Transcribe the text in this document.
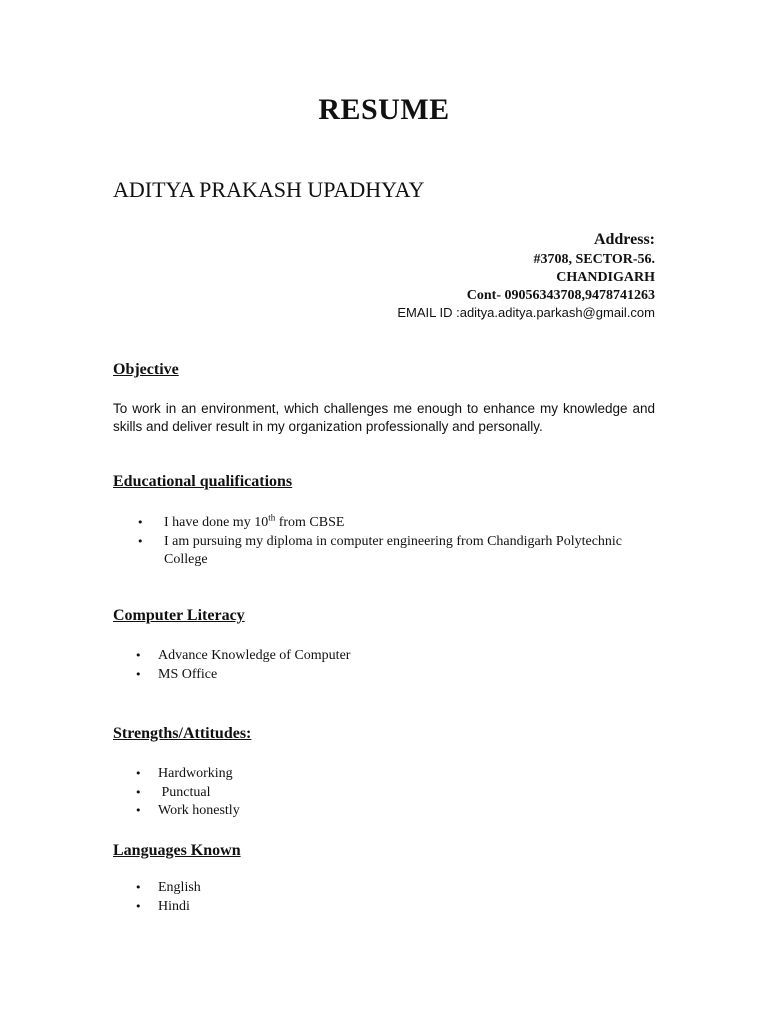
RESUME
ADITYA PRAKASH UPADHYAY
Address:
#3708, SECTOR-56.
CHANDIGARH
Cont- 09056343708,9478741263
EMAIL ID :aditya.aditya.parkash@gmail.com
Objective
To work in an environment, which challenges me enough to enhance my knowledge and skills and deliver result in my organization professionally and personally.
Educational qualifications
• I have done my 10th from CBSE
• I am pursuing my diploma in computer engineering from Chandigarh Polytechnic College
Computer Literacy
• Advance Knowledge of Computer
• MS Office
Strengths/Attitudes:
• Hardworking
• Punctual
• Work honestly
Languages Known
• English
• Hindi
